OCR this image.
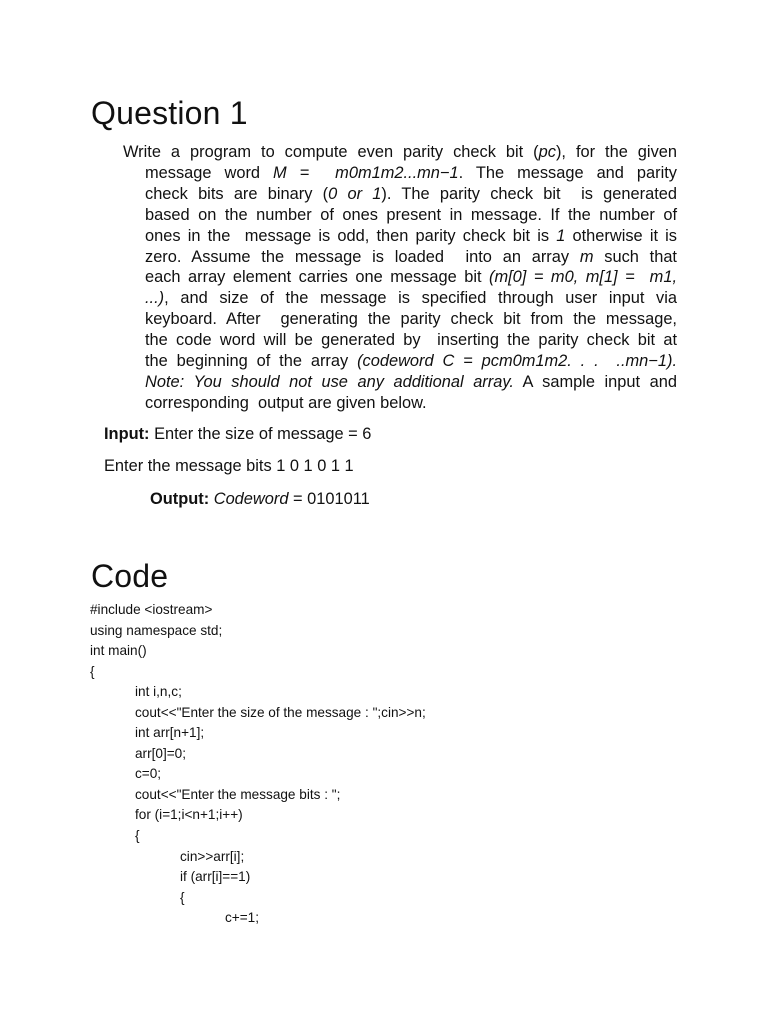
Question 1
Write a program to compute even parity check bit (pc), for the given
message word M =  m0m1m2...mn−1. The message and parity
check bits are binary (0 or 1). The parity check bit  is generated
based on the number of ones present in message. If the number of
ones in the  message is odd, then parity check bit is 1 otherwise it is
zero. Assume the message is loaded  into an array m such that
each array element carries one message bit (m[0] = m0, m[1] =  m1,
...), and size of the message is specified through user input via
keyboard. After  generating the parity check bit from the message,
the code word will be generated by  inserting the parity check bit at
the beginning of the array (codeword C = pcm0m1m2. . .  ..mn−1).
Note: You should not use any additional array. A sample input and
corresponding  output are given below.
Input: Enter the size of message = 6
Enter the message bits 1 0 1 0 1 1
Output: Codeword = 0101011
Code
#include <iostream>
using namespace std;
int main()
{
int i,n,c;
cout<<"Enter the size of the message : ";cin>>n;
int arr[n+1];
arr[0]=0;
c=0;
cout<<"Enter the message bits : ";
for (i=1;i<n+1;i++)
{
cin>>arr[i];
if (arr[i]==1)
{
c+=1;
